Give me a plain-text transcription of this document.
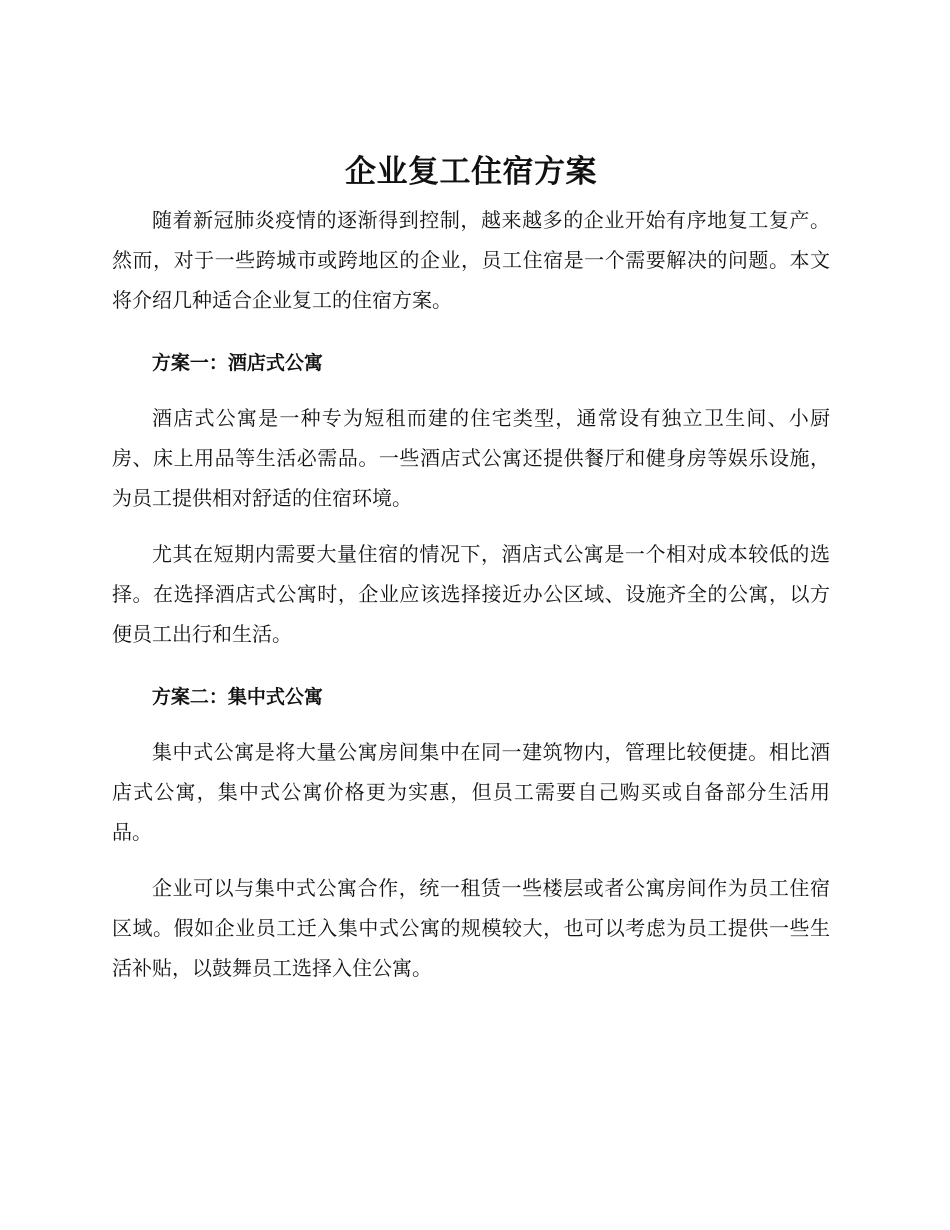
企业复工住宿方案

随着新冠肺炎疫情的逐渐得到控制，越来越多的企业开始有序地复工复产。然而，对于一些跨城市或跨地区的企业，员工住宿是一个需要解决的问题。本文将介绍几种适合企业复工的住宿方案。

方案一：酒店式公寓

酒店式公寓是一种专为短租而建的住宅类型，通常设有独立卫生间、小厨房、床上用品等生活必需品。一些酒店式公寓还提供餐厅和健身房等娱乐设施，为员工提供相对舒适的住宿环境。

尤其在短期内需要大量住宿的情况下，酒店式公寓是一个相对成本较低的选择。在选择酒店式公寓时，企业应该选择接近办公区域、设施齐全的公寓，以方便员工出行和生活。

方案二：集中式公寓

集中式公寓是将大量公寓房间集中在同一建筑物内，管理比较便捷。相比酒店式公寓，集中式公寓价格更为实惠，但员工需要自己购买或自备部分生活用品。

企业可以与集中式公寓合作，统一租赁一些楼层或者公寓房间作为员工住宿区域。假如企业员工迁入集中式公寓的规模较大，也可以考虑为员工提供一些生活补贴，以鼓舞员工选择入住公寓。
